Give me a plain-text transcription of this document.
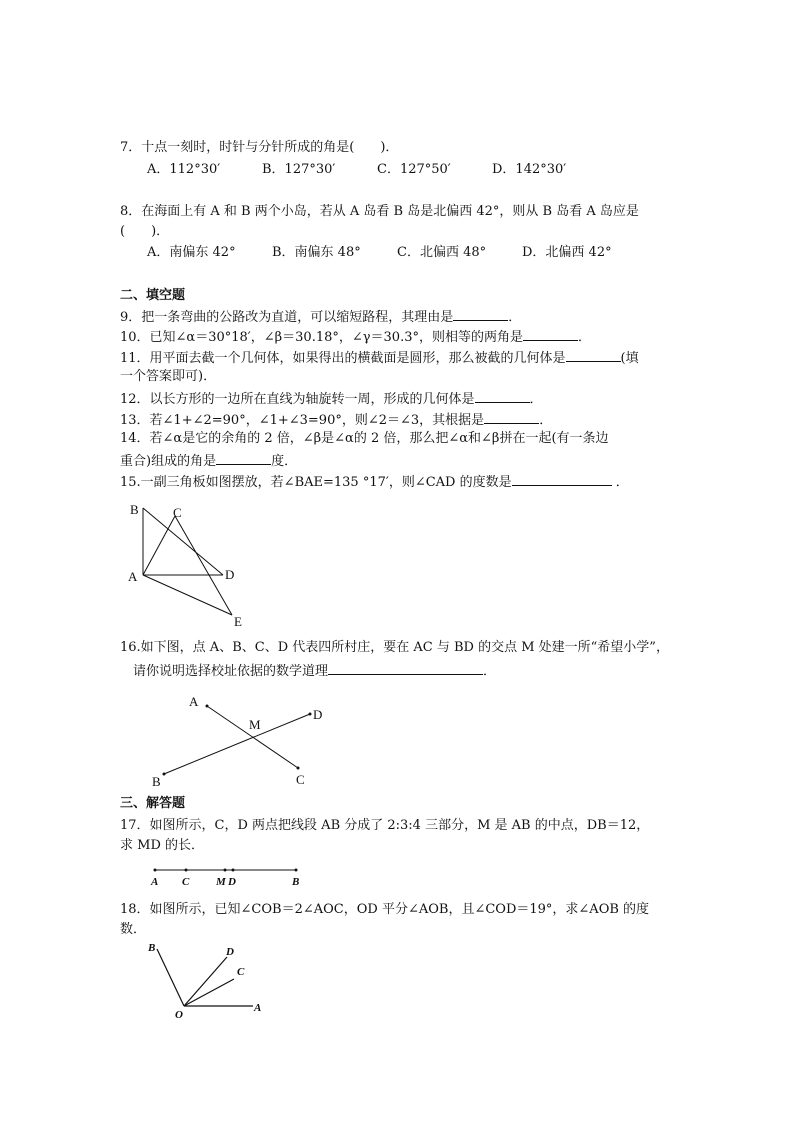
7．十点一刻时，时针与分针所成的角是(　　)．
A．112°30′	B．127°30′	C．127°50′	D．142°30′
8．在海面上有 A 和 B 两个小岛，若从 A 岛看 B 岛是北偏西 42°，则从 B 岛看 A 岛应是
(　　)．
A．南偏东 42°	B．南偏东 48°	C．北偏西 48°	D．北偏西 42°
二、填空题
9．把一条弯曲的公路改为直道，可以缩短路程，其理由是	．
10．已知∠α＝30°18′，∠β＝30.18°，∠γ＝30.3°，则相等的两角是	．
11．用平面去截一个几何体，如果得出的横截面是圆形，那么被截的几何体是	(填
一个答案即可)．
12．以长方形的一边所在直线为轴旋转一周，形成的几何体是	．
13．若∠1+∠2=90°，∠1+∠3=90°，则∠2＝∠3，其根据是	．
14．若∠α是它的余角的 2 倍，∠β是∠α的 2 倍，那么把∠α和∠β拼在一起(有一条边
重合)组成的角是	度．
15.一副三角板如图摆放，若∠BAE=135 °17′，则∠CAD 的度数是	．
B	C
A	D
E
16.如下图，点 A、B、C、D 代表四所村庄，要在 AC 与 BD 的交点 M 处建一所“希望小学”，
请你说明选择校址依据的数学道理	．
A
M
D
B	C
三、解答题
17．如图所示，C，D 两点把线段 AB 分成了 2:3:4 三部分，M 是 AB 的中点，DB＝12，
求 MD 的长．
A C M D	B
18．如图所示，已知∠COB＝2∠AOC，OD 平分∠AOB，且∠COD＝19°，求∠AOB 的度
数．
B	D
C
O
A
